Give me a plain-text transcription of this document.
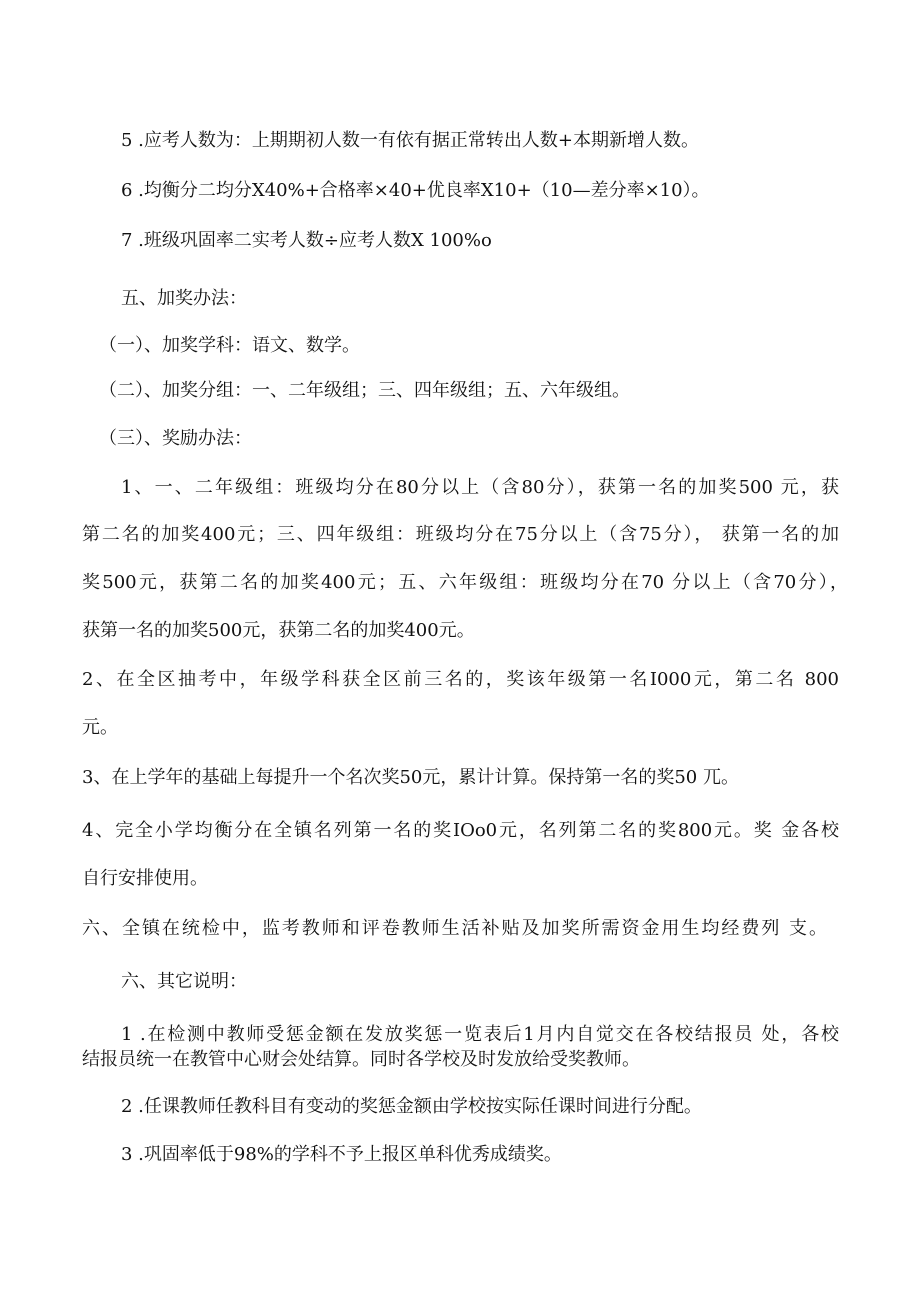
5 .应考人数为：上期期初人数一有依有据正常转出人数+本期新增人数。
6 .均衡分二均分X40%+合格率×40+优良率X10+（10—差分率×10）。
7 .班级巩固率二实考人数÷应考人数X 100%o
五、加奖办法：
（一）、加奖学科：语文、数学。
（二）、加奖分组：一、二年级组；三、四年级组；五、六年级组。
（三）、奖励办法：
1、一、二年级组：班级均分在80分以上（含80分），获第一名的加奖500 元，获
第二名的加奖400元；三、四年级组：班级均分在75分以上（含75分）， 获第一名的加
奖500元，获第二名的加奖400元；五、六年级组：班级均分在70 分以上（含70分），
获第一名的加奖500元，获第二名的加奖400元。
2、在全区抽考中，年级学科获全区前三名的，奖该年级第一名I000元，第二名 800
元。
3、在上学年的基础上每提升一个名次奖50元，累计计算。保持第一名的奖50 兀。
4、完全小学均衡分在全镇名列第一名的奖IOo0元，名列第二名的奖800元。奖 金各校
自行安排使用。
六、全镇在统检中，监考教师和评卷教师生活补贴及加奖所需资金用生均经费列 支。
六、其它说明：
1 .在检测中教师受惩金额在发放奖惩一览表后1月内自觉交在各校结报员 处，各校
结报员统一在教管中心财会处结算。同时各学校及时发放给受奖教师。
2 .任课教师任教科目有变动的奖惩金额由学校按实际任课时间进行分配。
3 .巩固率低于98%的学科不予上报区单科优秀成绩奖。
